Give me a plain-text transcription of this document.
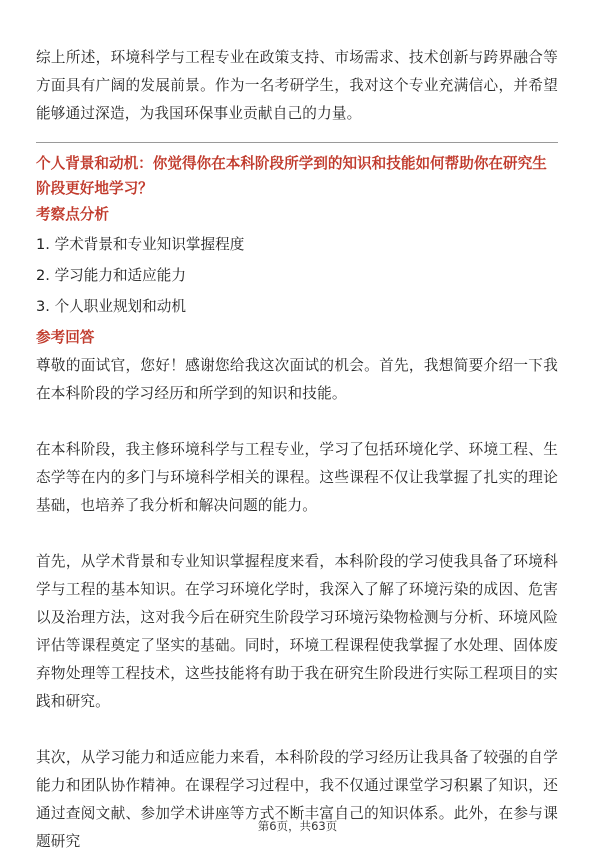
综上所述，环境科学与工程专业在政策支持、市场需求、技术创新与跨界融合等方面具有广阔的发展前景。作为一名考研学生，我对这个专业充满信心，并希望能够通过深造，为我国环保事业贡献自己的力量。

个人背景和动机：你觉得你在本科阶段所学到的知识和技能如何帮助你在研究生阶段更好地学习？

考察点分析

1. 学术背景和专业知识掌握程度
2. 学习能力和适应能力
3. 个人职业规划和动机

参考回答

尊敬的面试官，您好！感谢您给我这次面试的机会。首先，我想简要介绍一下我在本科阶段的学习经历和所学到的知识和技能。

在本科阶段，我主修环境科学与工程专业，学习了包括环境化学、环境工程、生态学等在内的多门与环境科学相关的课程。这些课程不仅让我掌握了扎实的理论基础，也培养了我分析和解决问题的能力。

首先，从学术背景和专业知识掌握程度来看，本科阶段的学习使我具备了环境科学与工程的基本知识。在学习环境化学时，我深入了解了环境污染的成因、危害以及治理方法，这对我今后在研究生阶段学习环境污染物检测与分析、环境风险评估等课程奠定了坚实的基础。同时，环境工程课程使我掌握了水处理、固体废弃物处理等工程技术，这些技能将有助于我在研究生阶段进行实际工程项目的实践和研究。

其次，从学习能力和适应能力来看，本科阶段的学习经历让我具备了较强的自学能力和团队协作精神。在课程学习过程中，我不仅通过课堂学习积累了知识，还通过查阅文献、参加学术讲座等方式不断丰富自己的知识体系。此外，在参与课题研究

第6页，共63页
